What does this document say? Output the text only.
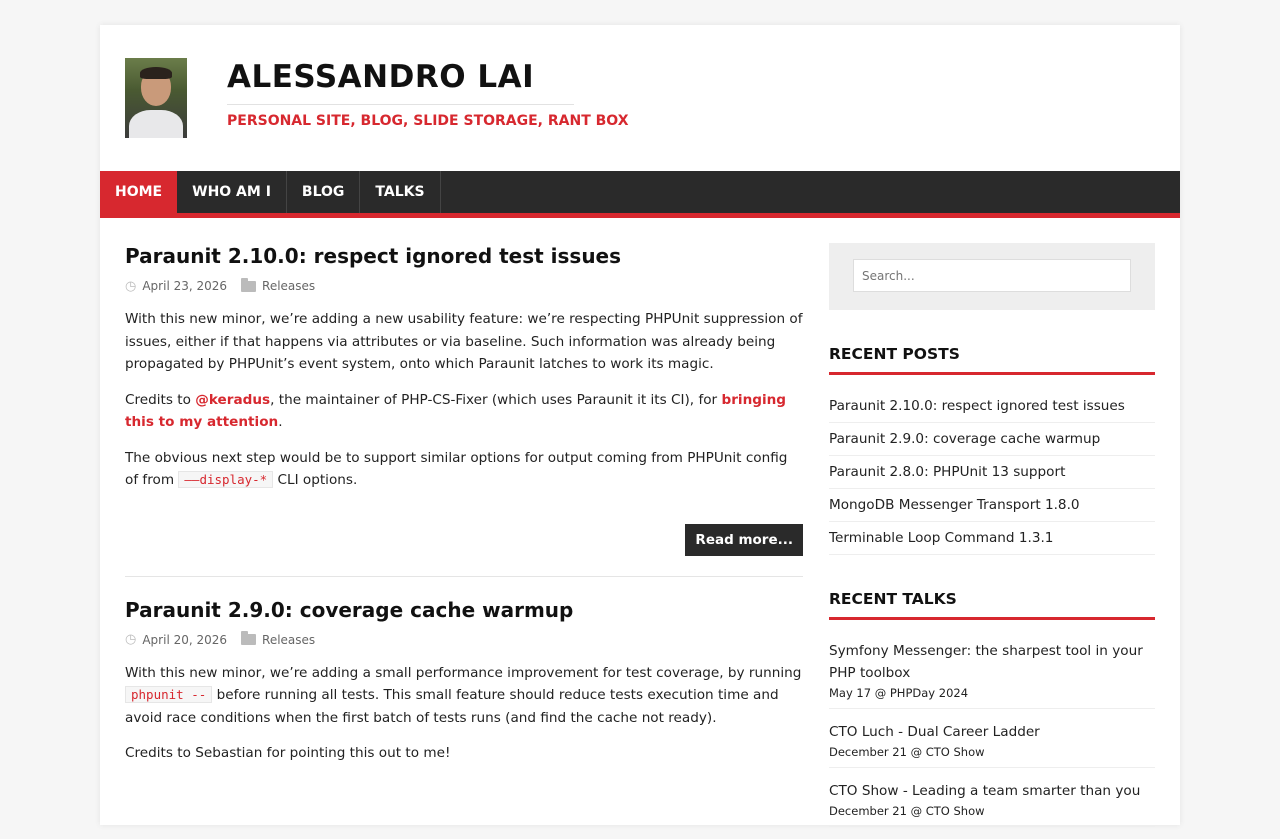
ALESSANDRO LAI

PERSONAL SITE, BLOG, SLIDE STORAGE, RANT BOX

HOME	WHO AM I	BLOG	TALKS
Paraunit 2.10.0: respect ignored test issues
◷ April 23, 2026	Releases

With this new minor, we’re adding a new usability feature: we’re respecting PHPUnit suppression of issues, either if that happens via attributes or via baseline. Such information was already being propagated by PHPUnit’s event system, onto which Paraunit latches to work its magic.

Credits to @keradus, the maintainer of PHP-CS-Fixer (which uses Paraunit it its CI), for bringing this to my attention.

The obvious next step would be to support similar options for output coming from PHPUnit config of from ––display-* CLI options.

Read more...
Paraunit 2.9.0: coverage cache warmup
◷ April 20, 2026	Releases

With this new minor, we’re adding a small performance improvement for test coverage, by running phpunit -- before running all tests. This small feature should reduce tests execution time and avoid race conditions when the first batch of tests runs (and find the cache not ready).

Credits to Sebastian for pointing this out to me!

Search...
RECENT POSTS
Paraunit 2.10.0: respect ignored test issues
Paraunit 2.9.0: coverage cache warmup
Paraunit 2.8.0: PHPUnit 13 support
MongoDB Messenger Transport 1.8.0
Terminable Loop Command 1.3.1
RECENT TALKS
Symfony Messenger: the sharpest tool in your PHP toolbox
May 17 @ PHPDay 2024
CTO Luch - Dual Career Ladder
December 21 @ CTO Show
CTO Show - Leading a team smarter than you
December 21 @ CTO Show
